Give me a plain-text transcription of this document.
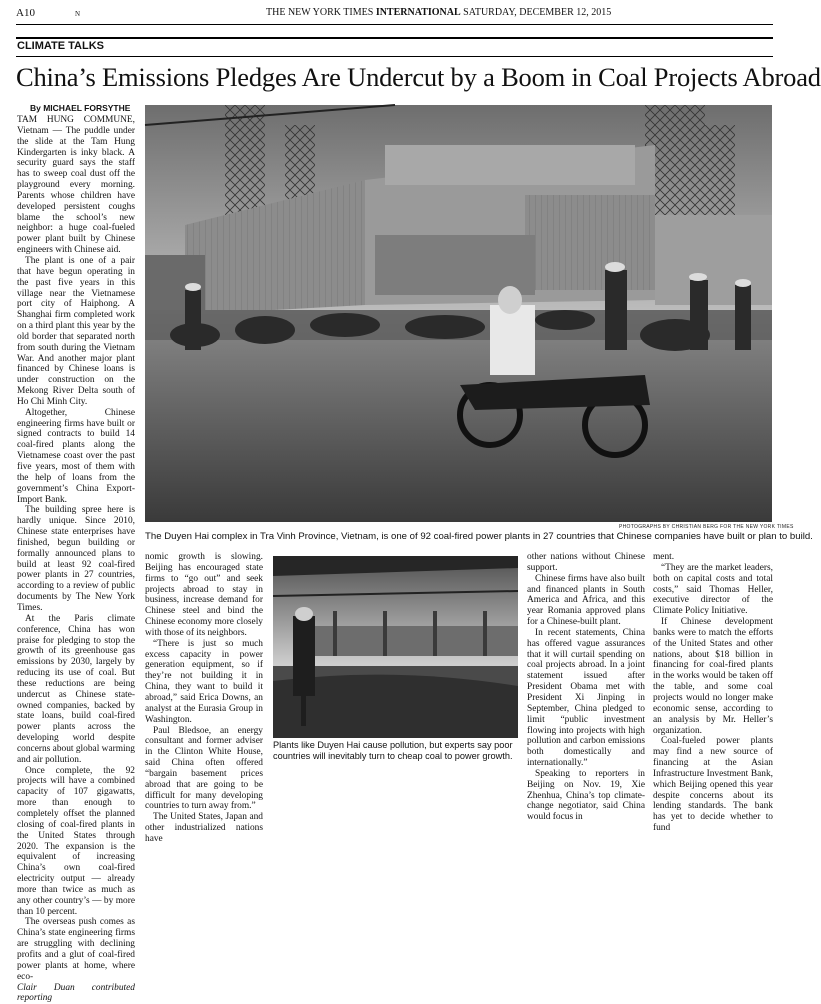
A10	N	THE NEW YORK TIMES INTERNATIONAL SATURDAY, DECEMBER 12, 2015
CLIMATE TALKS
China’s Emissions Pledges Are Undercut by a Boom in Coal Projects Abroad
By MICHAEL FORSYTHE

TAM HUNG COMMUNE, Vietnam — The puddle under the slide at the Tam Hung Kindergarten is inky black. A security guard says the staff has to sweep coal dust off the playground every morning. Parents whose children have developed persistent coughs blame the school’s new neighbor: a huge coal-fueled power plant built by Chinese engineers with Chinese aid.

The plant is one of a pair that have begun operating in the past five years in this village near the Vietnamese port city of Haiphong. A Shanghai firm completed work on a third plant this year by the old border that separated north from south during the Vietnam War. And another major plant financed by Chinese loans is under construction on the Mekong River Delta south of Ho Chi Minh City.

Altogether, Chinese engineering firms have built or signed contracts to build 14 coal-fired plants along the Vietnamese coast over the past five years, most of them with the help of loans from the government’s China Export-Import Bank.

The building spree here is hardly unique. Since 2010, Chinese state enterprises have finished, begun building or formally announced plans to build at least 92 coal-fired power plants in 27 countries, according to a review of public documents by The New York Times.

At the Paris climate conference, China has won praise for pledging to stop the growth of its greenhouse gas emissions by 2030, largely by reducing its use of coal. But these reductions are being undercut as Chinese state-owned companies, backed by state loans, build coal-fired power plants across the developing world despite concerns about global warming and air pollution.

Once complete, the 92 projects will have a combined capacity of 107 gigawatts, more than enough to completely offset the planned closing of coal-fired plants in the United States through 2020. The expansion is the equivalent of increasing China’s own coal-fired electricity output — already more than twice as much as any other country’s — by more than 10 percent.

The overseas push comes as China’s state engineering firms are struggling with declining profits and a glut of coal-fired power plants at home, where eco-

Clair Duan contributed reporting

PHOTOGRAPHS BY CHRISTIAN BERG FOR THE NEW YORK TIMES
The Duyen Hai complex in Tra Vinh Province, Vietnam, is one of 92 coal-fired power plants in 27 countries that Chinese companies have built or plan to build.

nomic growth is slowing. Beijing has encouraged state firms to “go out” and seek projects abroad to stay in business, increase demand for Chinese steel and bind the Chinese economy more closely with those of its neighbors.

“There is just so much excess capacity in power generation equipment, so if they’re not building it in China, they want to build it abroad,” said Erica Downs, an analyst at the Eurasia Group in Washington.

Paul Bledsoe, an energy consultant and former adviser in the Clinton White House, said China often offered “bargain basement prices abroad that are going to be difficult for many developing countries to turn away from.”

The United States, Japan and other industrialized nations have

Plants like Duyen Hai cause pollution, but experts say poor
countries will inevitably turn to cheap coal to power growth.

other nations without Chinese support.

Chinese firms have also built and financed plants in South America and Africa, and this year Romania approved plans for a Chinese-built plant.

In recent statements, China has offered vague assurances that it will curtail spending on coal projects abroad. In a joint statement issued after President Obama met with President Xi Jinping in September, China pledged to limit “public investment flowing into projects with high pollution and carbon emissions both domestically and internationally.”

Speaking to reporters in Beijing on Nov. 19, Xie Zhenhua, China’s top climate-change negotiator, said China would focus in

ment.

“They are the market leaders, both on capital costs and total costs,” said Thomas Heller, executive director of the Climate Policy Initiative.

If Chinese development banks were to match the efforts of the United States and other nations, about $18 billion in financing for coal-fired plants in the works would be taken off the table, and some coal projects would no longer make economic sense, according to an analysis by Mr. Heller’s organization.

Coal-fueled power plants may find a new source of financing at the Asian Infrastructure Investment Bank, which Beijing opened this year despite concerns about its lending standards. The bank has yet to decide whether to fund
